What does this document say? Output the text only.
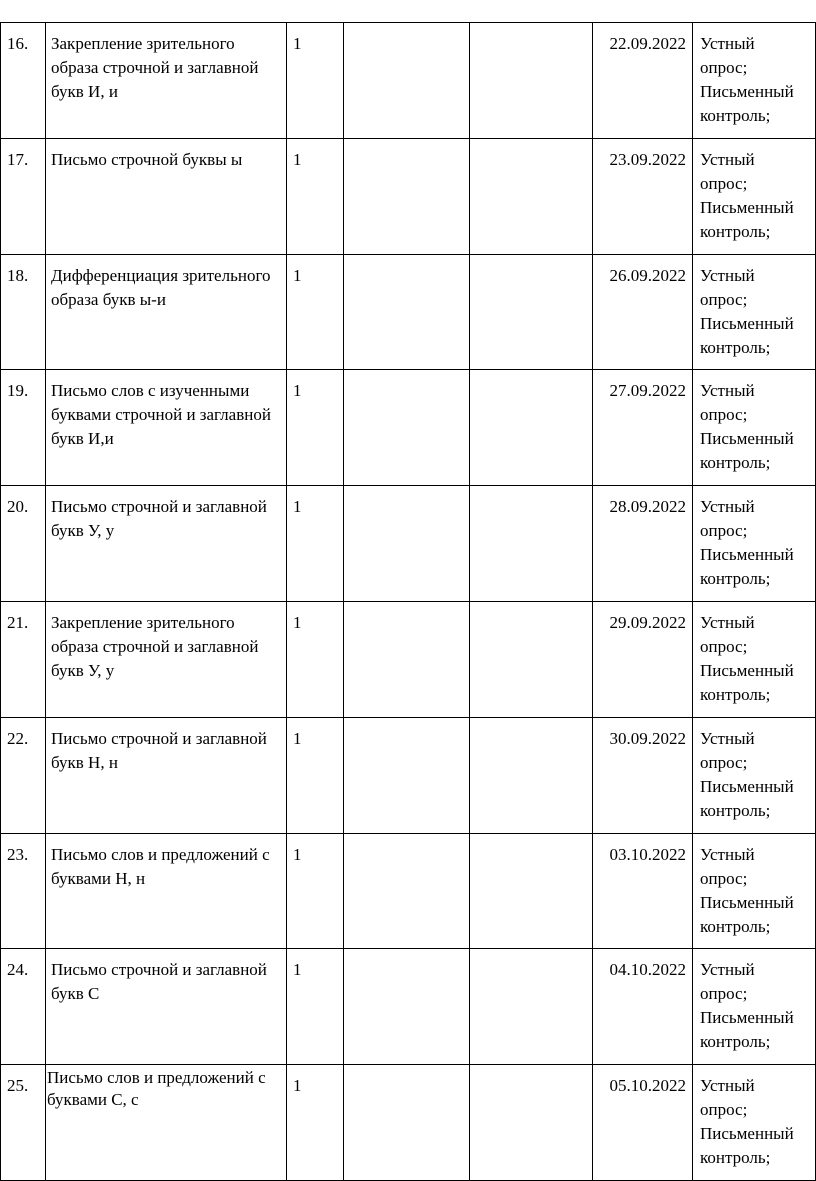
16.	Закрепление зрительного образа строчной и заглавной букв И, и	1			22.09.2022	Устный
опрос;
Письменный
контроль;

17.	Письмо строчной буквы ы	1			23.09.2022	Устный
опрос;
Письменный
контроль;

18.	Дифференциация зрительного образа букв ы-и	1			26.09.2022	Устный
опрос;
Письменный
контроль;

19.	Письмо слов с изученными буквами строчной и заглавной букв И,и	1			27.09.2022	Устный
опрос;
Письменный
контроль;

20.	Письмо строчной и заглавной букв У, у	1			28.09.2022	Устный
опрос;
Письменный
контроль;

21.	Закрепление зрительного образа строчной и заглавной букв У, у	1			29.09.2022	Устный
опрос;
Письменный
контроль;

22.	Письмо строчной и заглавной букв Н, н	1			30.09.2022	Устный
опрос;
Письменный
контроль;

23.	Письмо слов и предложений с буквами Н, н	1			03.10.2022	Устный
опрос;
Письменный
контроль;

24.	Письмо строчной и заглавной букв С	1			04.10.2022	Устный
опрос;
Письменный
контроль;

25.	Письмо слов и предложений с буквами С, с	1			05.10.2022	Устный
опрос;
Письменный
контроль;
